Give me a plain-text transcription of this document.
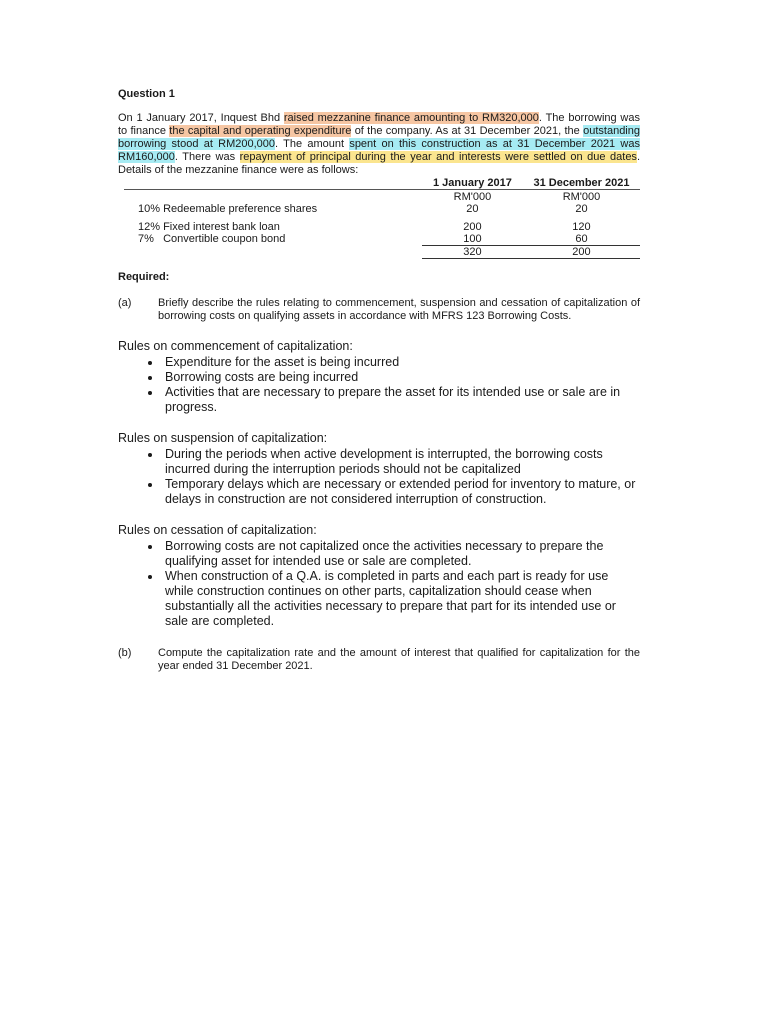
Question 1

On 1 January 2017, Inquest Bhd raised mezzanine finance amounting to RM320,000. The borrowing was to finance the capital and operating expenditure of the company. As at 31 December 2021, the outstanding borrowing stood at RM200,000. The amount spent on this construction as at 31 December 2021 was RM160,000. There was repayment of principal during the year and interests were settled on due dates. Details of the mezzanine finance were as follows:

	1 January 2017	31 December 2021
	RM'000	RM'000
10% Redeemable preference shares	20	20

12% Fixed interest bank loan	200	120
7%   Convertible coupon bond	100	60
	320	200
Required:
(a)	Briefly describe the rules relating to commencement, suspension and cessation of capitalization of borrowing costs on qualifying assets in accordance with MFRS 123 Borrowing Costs.
Rules on commencement of capitalization:
• Expenditure for the asset is being incurred
• Borrowing costs are being incurred
• Activities that are necessary to prepare the asset for its intended use or sale are in progress.
Rules on suspension of capitalization:
• During the periods when active development is interrupted, the borrowing costs incurred during the interruption periods should not be capitalized
• Temporary delays which are necessary or extended period for inventory to mature, or delays in construction are not considered interruption of construction.
Rules on cessation of capitalization:
• Borrowing costs are not capitalized once the activities necessary to prepare the qualifying asset for intended use or sale are completed.
• When construction of a Q.A. is completed in parts and each part is ready for use while construction continues on other parts, capitalization should cease when substantially all the activities necessary to prepare that part for its intended use or sale are completed.
(b)	Compute the capitalization rate and the amount of interest that qualified for capitalization for the year ended 31 December 2021.
